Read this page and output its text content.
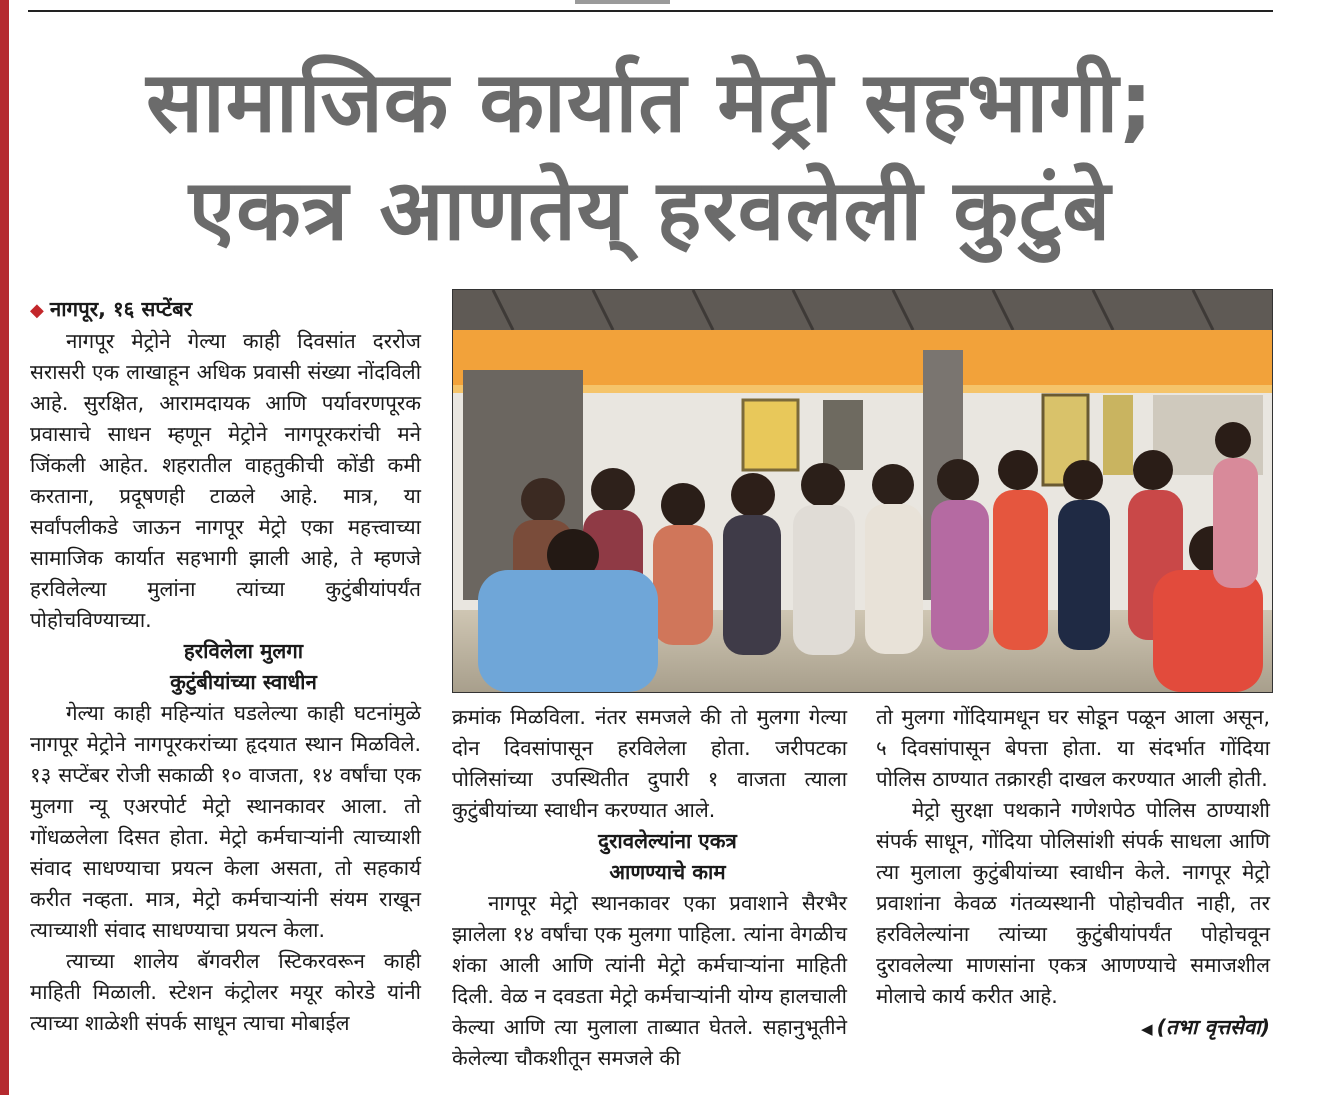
सामाजिक कार्यात मेट्रो सहभागी;
एकत्र आणतेय् हरवलेली कुटुंबे

◆ नागपूर, १६ सप्टेंबर

नागपूर मेट्रोने गेल्या काही दिवसांत दररोज सरासरी एक लाखाहून अधिक प्रवासी संख्या नोंदविली आहे. सुरक्षित, आरामदायक आणि पर्यावरणपूरक प्रवासाचे साधन म्हणून मेट्रोने नागपूरकरांची मने जिंकली आहेत. शहरातील वाहतुकीची कोंडी कमी करताना, प्रदूषणही टाळले आहे. मात्र, या सर्वांपलीकडे जाऊन नागपूर मेट्रो एका महत्त्वाच्या सामाजिक कार्यात सहभागी झाली आहे, ते म्हणजे हरविलेल्या मुलांना त्यांच्या कुटुंबीयांपर्यंत पोहोचविण्याच्या.

हरविलेला मुलगा

कुटुंबीयांच्या स्वाधीन

गेल्या काही महिन्यांत घडलेल्या काही घटनांमुळे नागपूर मेट्रोने नागपूरकरांच्या हृदयात स्थान मिळविले. १३ सप्टेंबर रोजी सकाळी १० वाजता, १४ वर्षांचा एक मुलगा न्यू एअरपोर्ट मेट्रो स्थानकावर आला. तो गोंधळलेला दिसत होता. मेट्रो कर्मचाऱ्यांनी त्याच्याशी संवाद साधण्याचा प्रयत्न केला असता, तो सहकार्य करीत नव्हता. मात्र, मेट्रो कर्मचाऱ्यांनी संयम राखून त्याच्याशी संवाद साधण्याचा प्रयत्न केला.

त्याच्या शालेय बॅगवरील स्टिकरवरून काही माहिती मिळाली. स्टेशन कंट्रोलर मयूर कोरडे यांनी त्याच्या शाळेशी संपर्क साधून त्याचा मोबाईल

क्रमांक मिळविला. नंतर समजले की तो मुलगा गेल्या दोन दिवसांपासून हरविलेला होता. जरीपटका पोलिसांच्या उपस्थितीत दुपारी १ वाजता त्याला कुटुंबीयांच्या स्वाधीन करण्यात आले.

दुरावलेल्यांना एकत्र

आणण्याचे काम

नागपूर मेट्रो स्थानकावर एका प्रवाशाने सैरभैर झालेला १४ वर्षांचा एक मुलगा पाहिला. त्यांना वेगळीच शंका आली आणि त्यांनी मेट्रो कर्मचाऱ्यांना माहिती दिली. वेळ न दवडता मेट्रो कर्मचाऱ्यांनी योग्य हालचाली केल्या आणि त्या मुलाला ताब्यात घेतले. सहानुभूतीने केलेल्या चौकशीतून समजले की

तो मुलगा गोंदियामधून घर सोडून पळून आला असून, ५ दिवसांपासून बेपत्ता होता. या संदर्भात गोंदिया पोलिस ठाण्यात तक्रारही दाखल करण्यात आली होती.

मेट्रो सुरक्षा पथकाने गणेशपेठ पोलिस ठाण्याशी संपर्क साधून, गोंदिया पोलिसांशी संपर्क साधला आणि त्या मुलाला कुटुंबीयांच्या स्वाधीन केले. नागपूर मेट्रो प्रवाशांना केवळ गंतव्यस्थानी पोहोचवीत नाही, तर हरविलेल्यांना त्यांच्या कुटुंबीयांपर्यंत पोहोचवून दुरावलेल्या माणसांना एकत्र आणण्याचे समाजशील मोलाचे कार्य करीत आहे.

◀ (तभा वृत्तसेवा)
